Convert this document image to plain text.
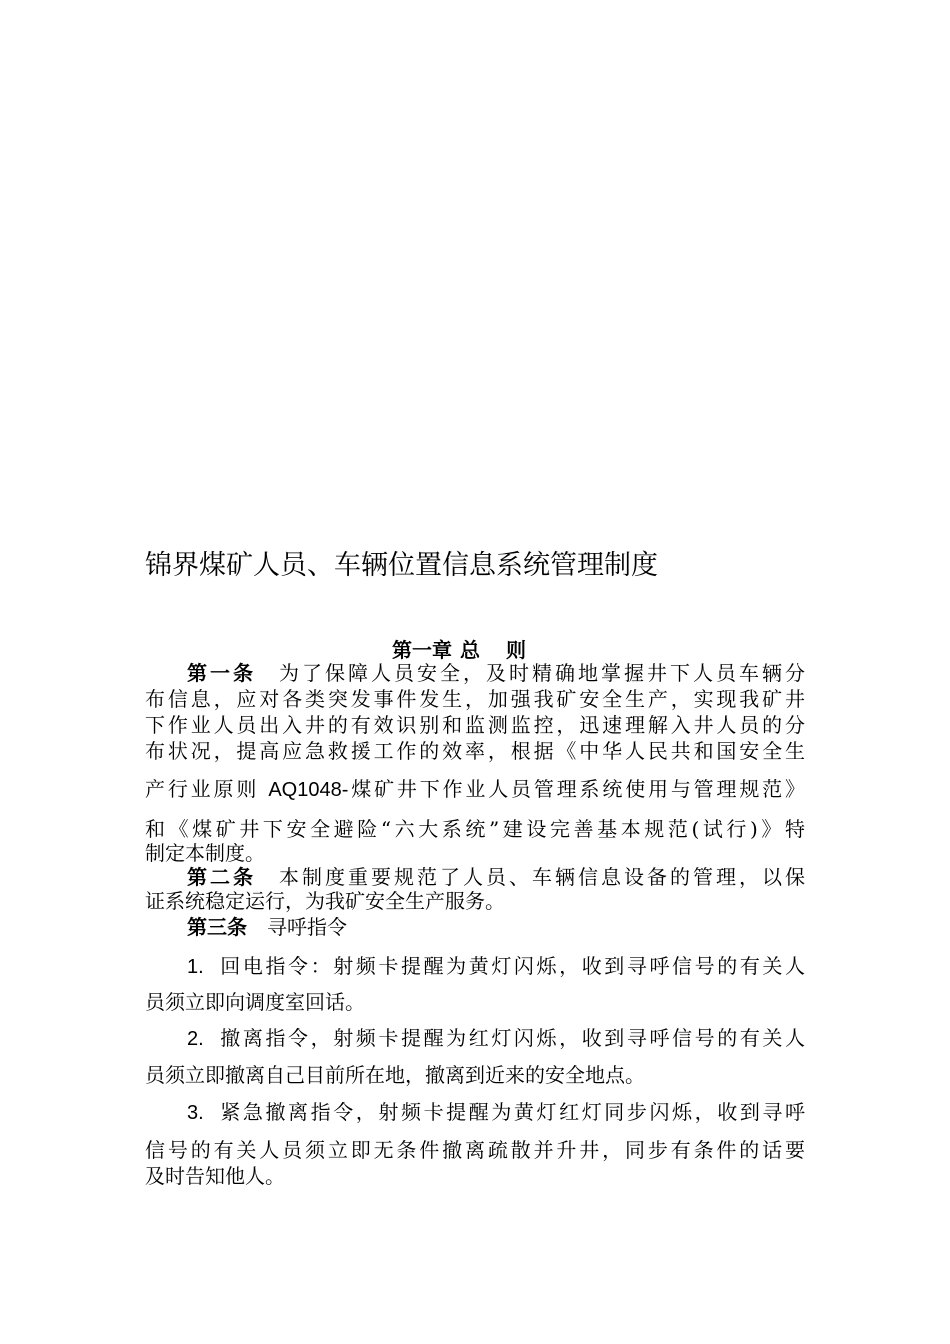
锦界煤矿人员、车辆位置信息系统管理制度
第一章 总 则
第一条 为了保障人员安全，及时精确地掌握井下人员车辆分
布信息，应对各类突发事件发生，加强我矿安全生产，实现我矿井
下作业人员出入井的有效识别和监测监控，迅速理解入井人员的分
布状况，提高应急救援工作的效率，根据《中华人民共和国安全生
产行业原则 AQ1048-煤矿井下作业人员管理系统使用与管理规范》
和《煤矿井下安全避险“六大系统”建设完善基本规范(试行)》特
制定本制度。
第二条 本制度重要规范了人员、车辆信息设备的管理，以保
证系统稳定运行，为我矿安全生产服务。
第三条 寻呼指令
1. 回电指令：射频卡提醒为黄灯闪烁，收到寻呼信号的有关人
员须立即向调度室回话。
2. 撤离指令，射频卡提醒为红灯闪烁，收到寻呼信号的有关人
员须立即撤离自己目前所在地，撤离到近来的安全地点。
3. 紧急撤离指令，射频卡提醒为黄灯红灯同步闪烁，收到寻呼
信号的有关人员须立即无条件撤离疏散并升井，同步有条件的话要
及时告知他人。
